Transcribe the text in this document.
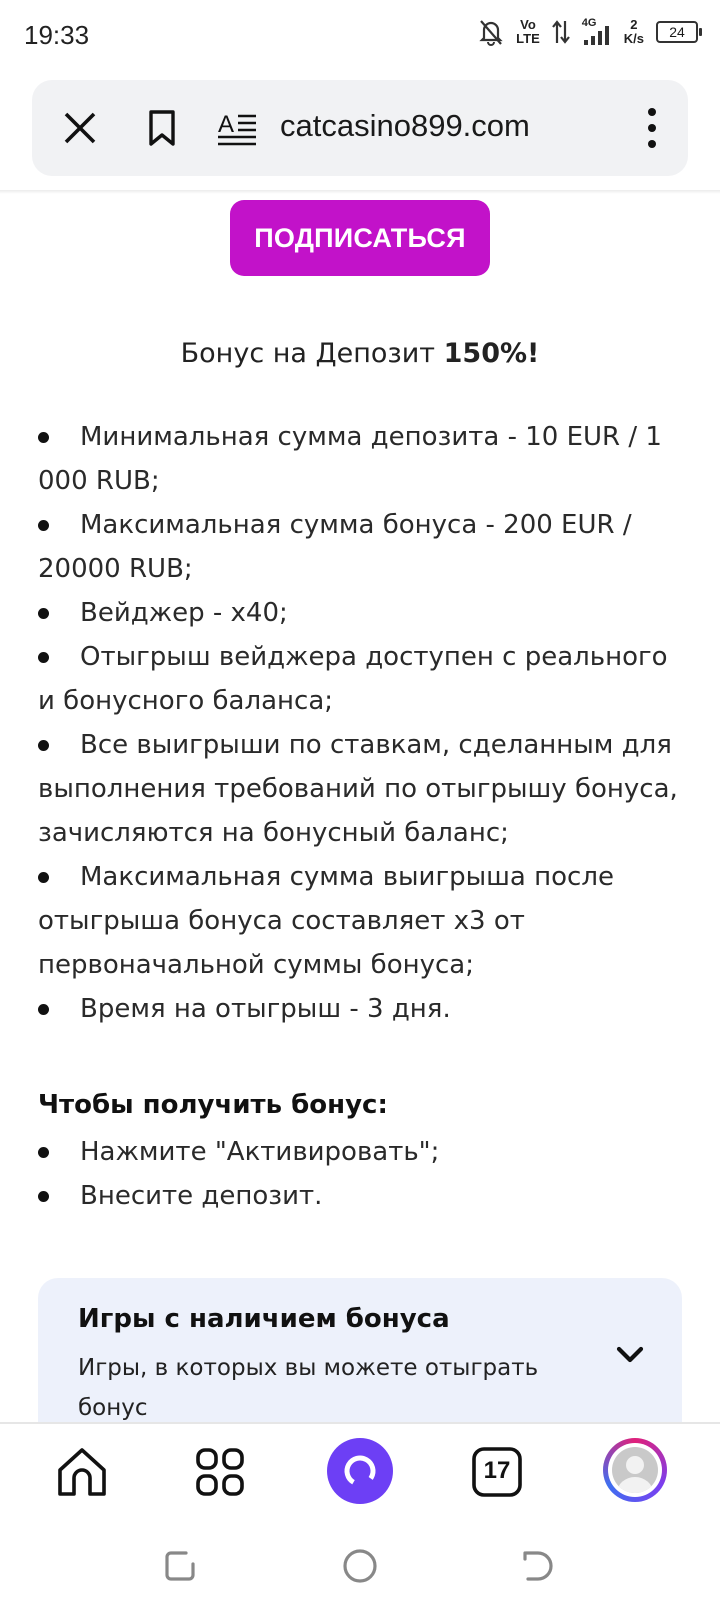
19:33	Vo
LTE
4G	2
K/s	24
A catcasino899.com
ПОДПИСАТЬСЯ
Бонус на Депозит 150%!
Минимальная сумма депозита - 10 EUR / 1 000 RUB;
Максимальная сумма бонуса - 200 EUR / 20000 RUB;
Вейджер - x40;
Отыгрыш вейджера доступен с реального и бонусного баланса;
Все выигрыши по ставкам, сделанным для выполнения требований по отыгрышу бонуса, зачисляются на бонусный баланс;
Максимальная сумма выигрыша после отыгрыша бонуса составляет x3 от первоначальной суммы бонуса;
Время на отыгрыш - 3 дня.
Чтобы получить бонус:
Нажмите "Активировать";
Внесите депозит.
Игры с наличием бонуса
Игры, в которых вы можете отыграть бонус
17
